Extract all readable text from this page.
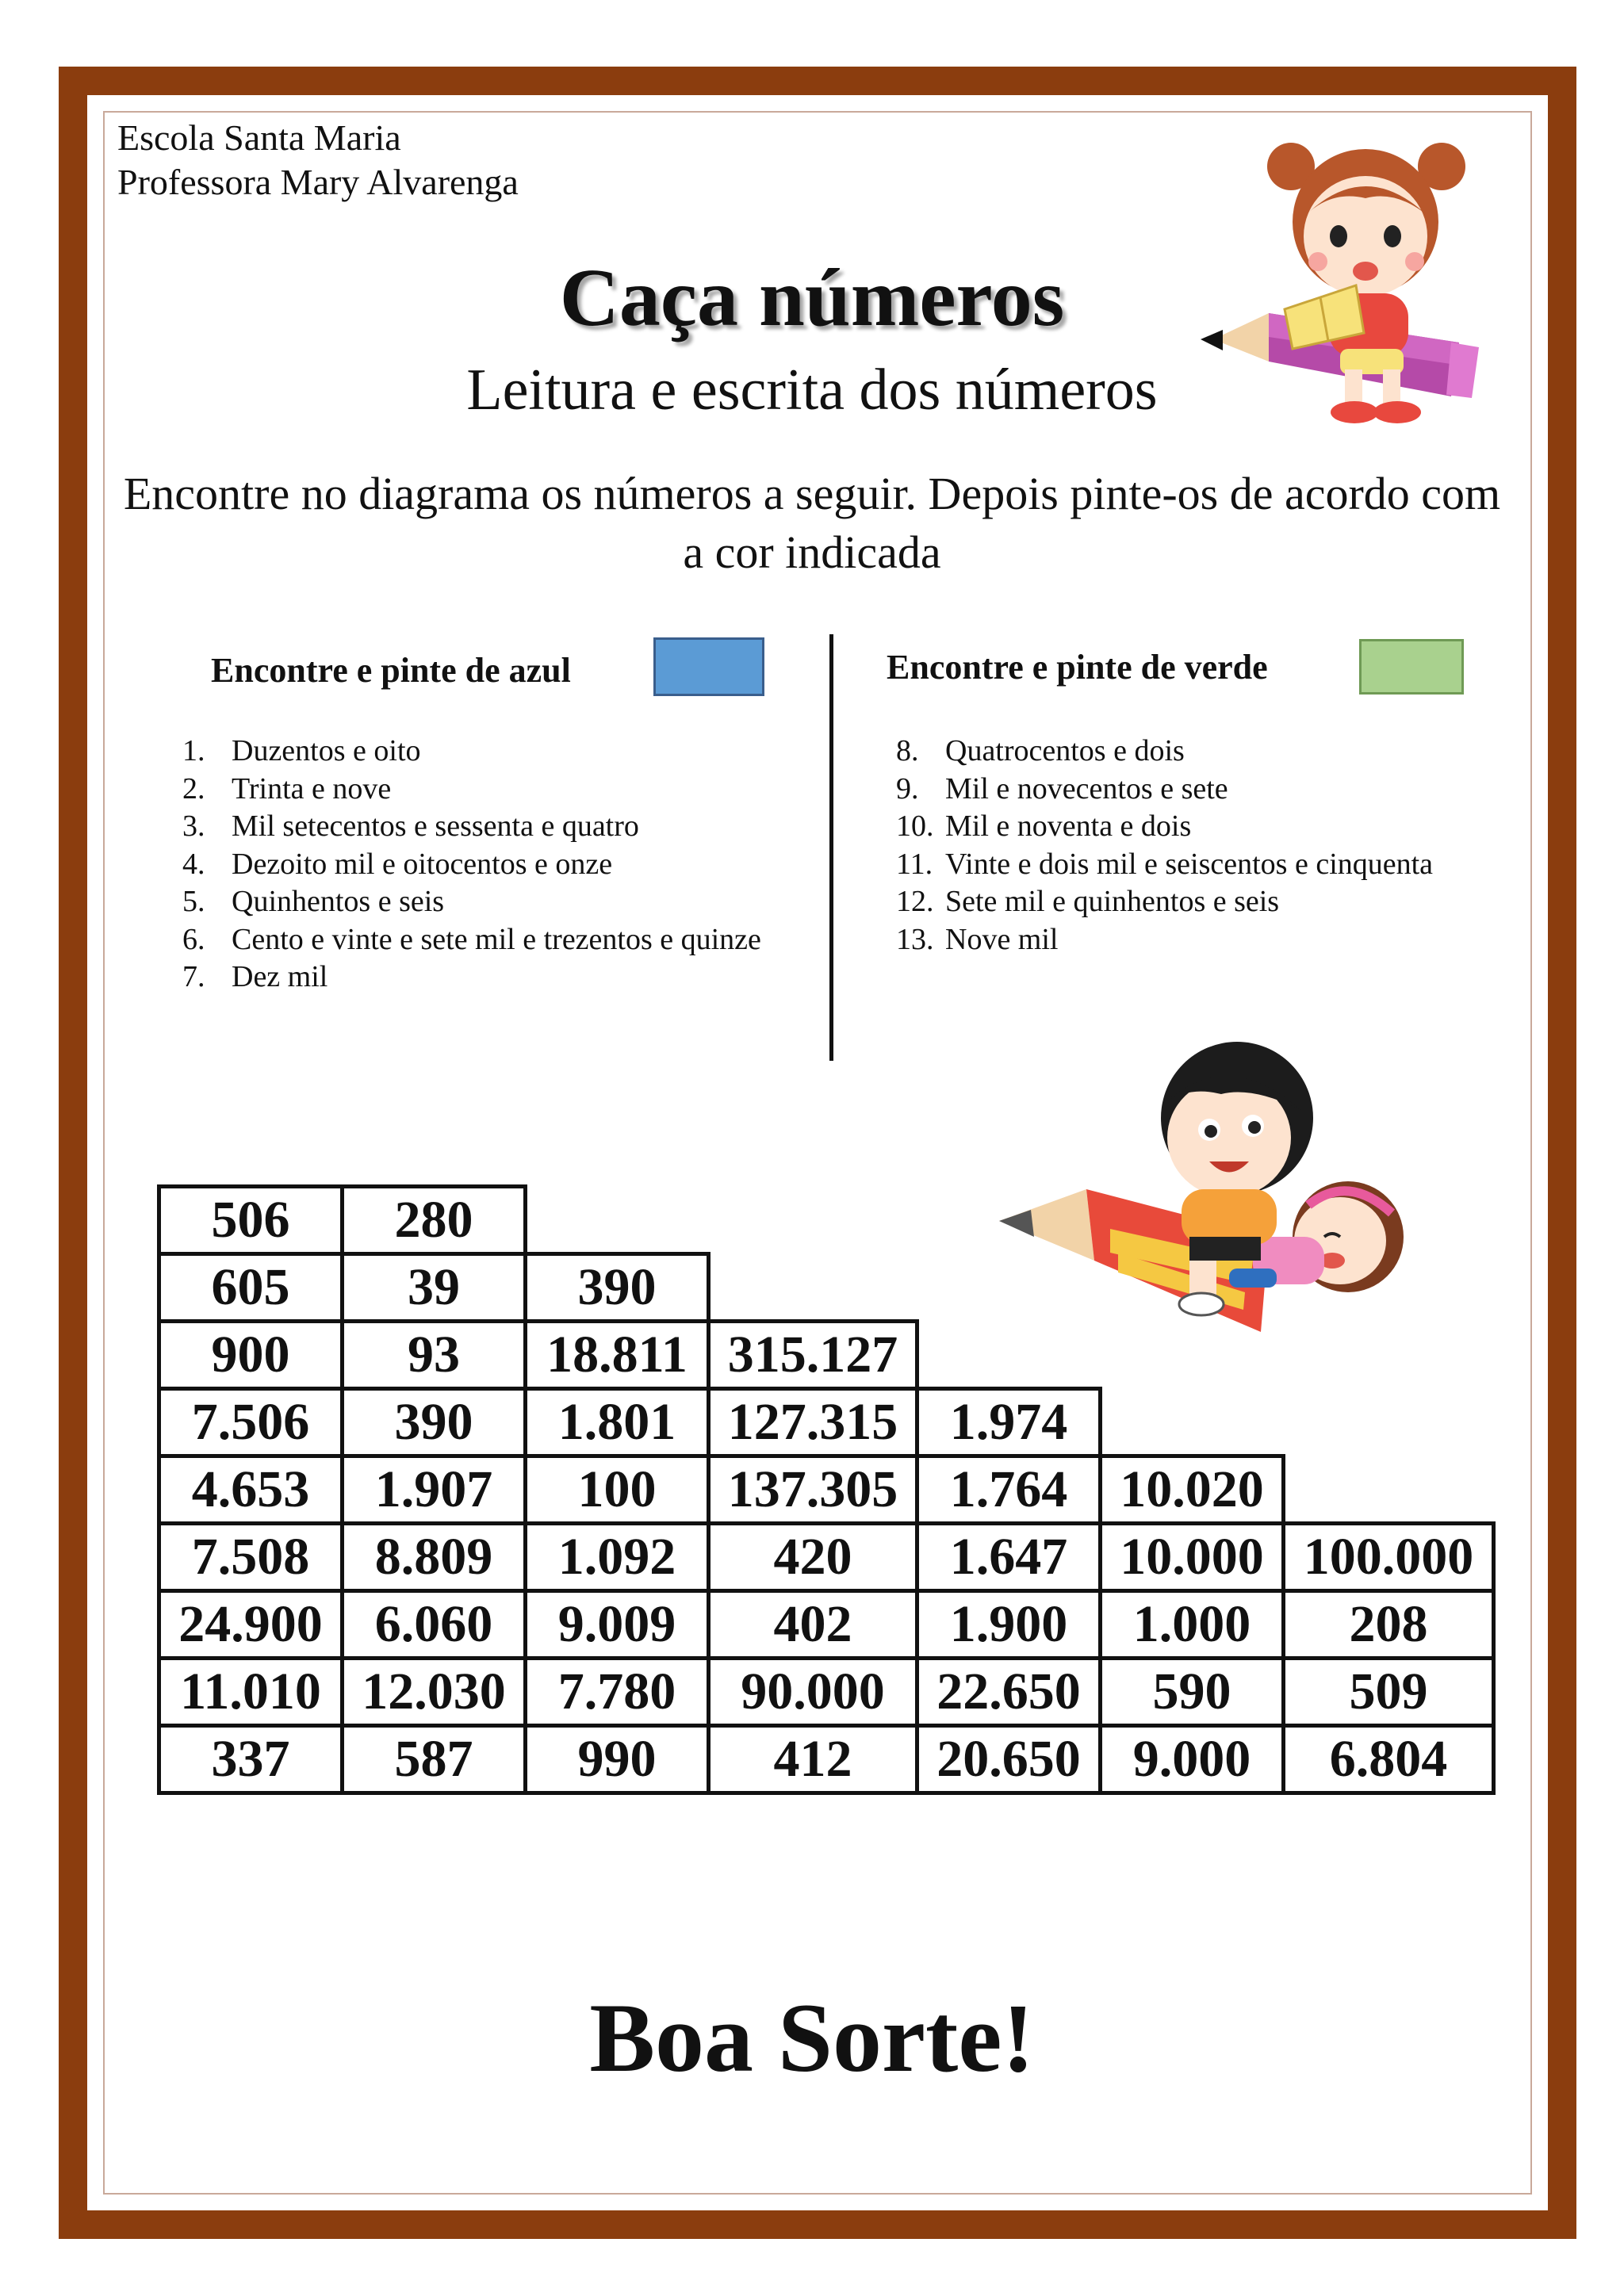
Escola Santa Maria
Professora Mary Alvarenga
Caça números
Leitura e escrita dos números
Encontre no diagrama os números a seguir. Depois pinte-os de acordo com a cor indicada
Encontre e pinte de azul
1. Duzentos e oito
2. Trinta e nove
3. Mil setecentos e sessenta e quatro
4. Dezoito mil e oitocentos e onze
5. Quinhentos e seis
6. Cento e vinte e sete mil e trezentos e quinze
7. Dez mil
Encontre e pinte de verde
8. Quatrocentos e dois
9. Mil e novecentos e sete
10. Mil e noventa e dois
11. Vinte e dois mil e seiscentos e cinquenta
12. Sete mil e quinhentos e seis
13. Nove mil
506	280					
605	39	390				
900	93	18.811	315.127			
7.506	390	1.801	127.315	1.974		
4.653	1.907	100	137.305	1.764	10.020	
7.508	8.809	1.092	420	1.647	10.000	100.000
24.900	6.060	9.009	402	1.900	1.000	208
11.010	12.030	7.780	90.000	22.650	590	509
337	587	990	412	20.650	9.000	6.804
Boa Sorte!
